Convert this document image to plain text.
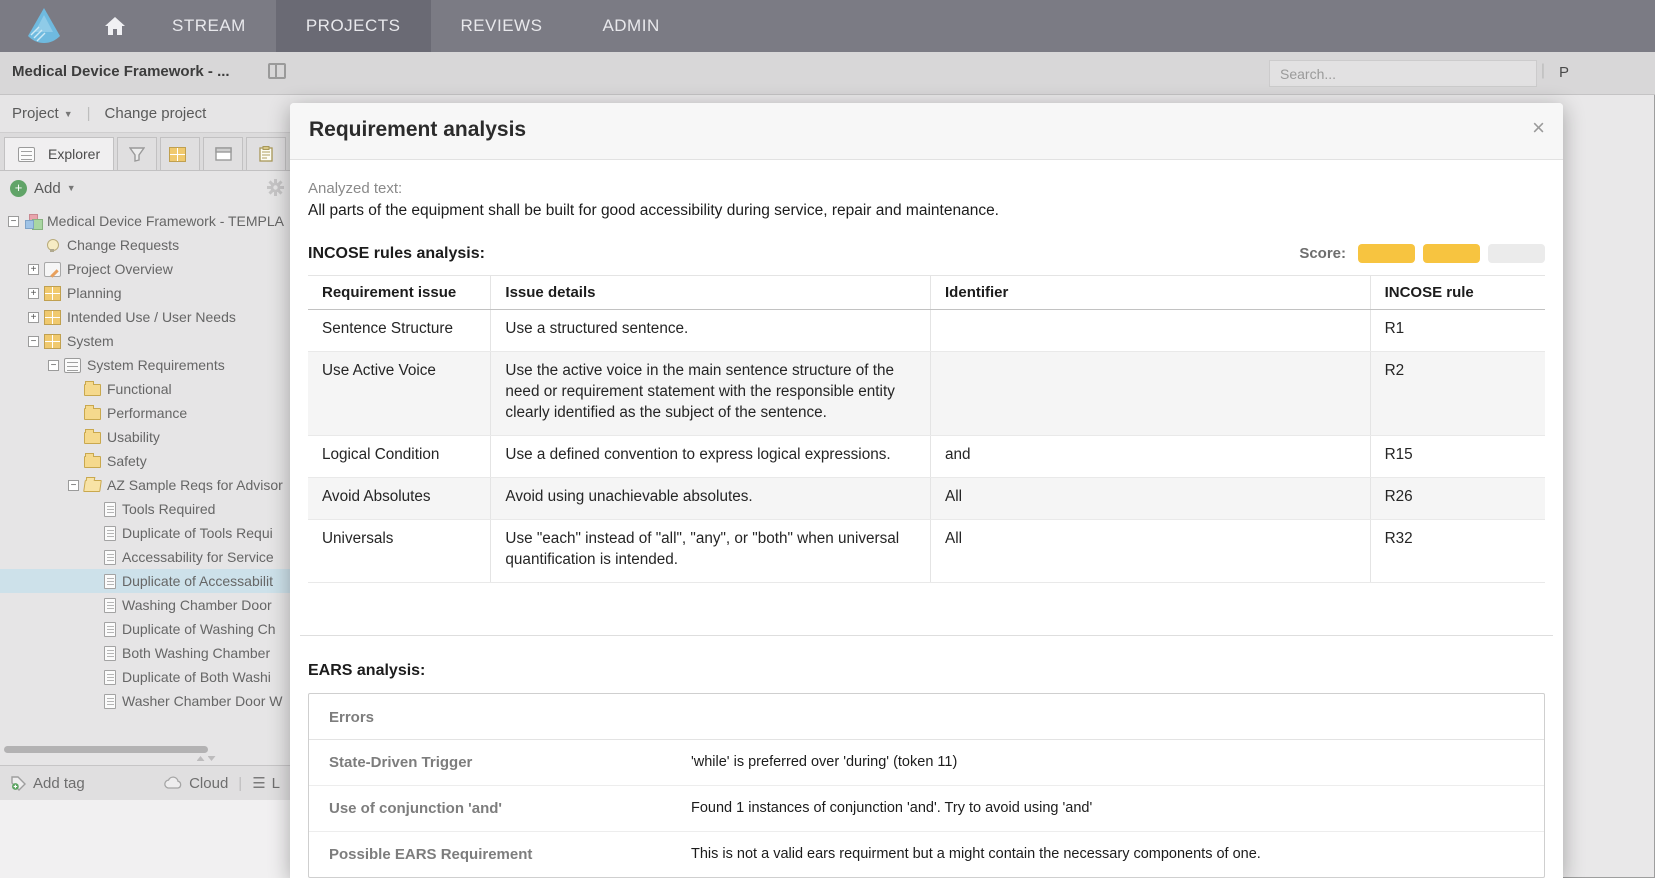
STREAM	PROJECTS	REVIEWS	ADMIN
Medical Device Framework - ...
Search...	| P
Project ▼ | Change project
Explorer
+ Add ▼
− Medical Device Framework - TEMPLA
Change Requests
+ Project Overview
+ Planning
+ Intended Use / User Needs
− System
− System Requirements
Functional
Performance
Usability
Safety
− AZ Sample Reqs for Advisor
Tools Required
Duplicate of Tools Requi
Accessability for Service
Duplicate of Accessabilit
Washing Chamber Door
Duplicate of Washing Ch
Both Washing Chamber
Duplicate of Both Washi
Washer Chamber Door W
Add tag	Cloud | ☰ L
Requirement analysis	×
Analyzed text:
All parts of the equipment shall be built for good accessibility during service, repair and maintenance.
INCOSE rules analysis:	Score:
Requirement issue	Issue details	Identifier	INCOSE rule
Sentence Structure	Use a structured sentence.		R1
Use Active Voice	Use the active voice in the main sentence structure of the need or requirement statement with the responsible entity clearly identified as the subject of the sentence.		R2
Logical Condition	Use a defined convention to express logical expressions.	and	R15
Avoid Absolutes	Avoid using unachievable absolutes.	All	R26
Universals	Use "each" instead of "all", "any", or "both" when universal quantification is intended.	All	R32
EARS analysis:
Errors
State-Driven Trigger	'while' is preferred over 'during' (token 11)
Use of conjunction 'and'	Found 1 instances of conjunction 'and'. Try to avoid using 'and'
Possible EARS Requirement	This is not a valid ears requirment but a might contain the necessary components of one.
